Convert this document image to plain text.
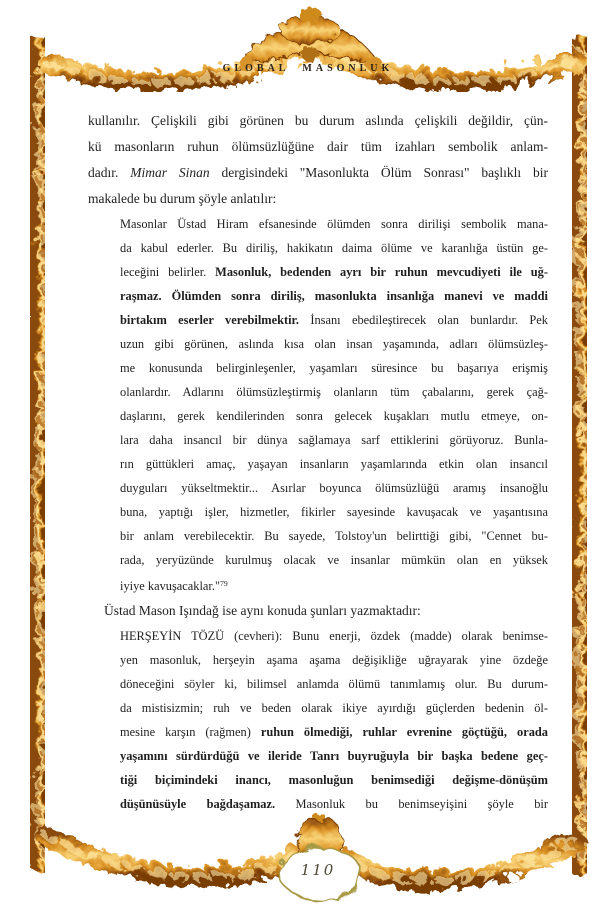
GLOBAL MASONLUK
kullanılır. Çelişkili gibi görünen bu durum aslında çelişkili değildir, çün-
kü masonların ruhun ölümsüzlüğüne dair tüm izahları sembolik anlam-
dadır. Mimar Sinan dergisindeki "Masonlukta Ölüm Sonrası" başlıklı bir
makalede bu durum şöyle anlatılır:
Masonlar Üstad Hiram efsanesinde ölümden sonra dirilişi sembolik mana-
da kabul ederler. Bu diriliş, hakikatın daima ölüme ve karanlığa üstün ge-
leceğini belirler. Masonluk, bedenden ayrı bir ruhun mevcudiyeti ile uğ-
raşmaz. Ölümden sonra diriliş, masonlukta insanlığa manevi ve maddi
birtakım eserler verebilmektir. İnsanı ebedileştirecek olan bunlardır. Pek
uzun gibi görünen, aslında kısa olan insan yaşamında, adları ölümsüzleş-
me konusunda belirginleşenler, yaşamları süresince bu başarıya erişmiş
olanlardır. Adlarını ölümsüzleştirmiş olanların tüm çabalarını, gerek çağ-
daşlarını, gerek kendilerinden sonra gelecek kuşakları mutlu etmeye, on-
lara daha insancıl bir dünya sağlamaya sarf ettiklerini görüyoruz. Bunla-
rın güttükleri amaç, yaşayan insanların yaşamlarında etkin olan insancıl
duyguları yükseltmektir... Asırlar boyunca ölümsüzlüğü aramış insanoğlu
buna, yaptığı işler, hizmetler, fikirler sayesinde kavuşacak ve yaşantısına
bir anlam verebilecektir. Bu sayede, Tolstoy'un belirttiği gibi, "Cennet bu-
rada, yeryüzünde kurulmuş olacak ve insanlar mümkün olan en yüksek
iyiye kavuşacaklar."$^{79}$
Üstad Mason Işındağ ise aynı konuda şunları yazmaktadır:
HERŞEYİN TÖZÜ (cevheri): Bunu enerji, özdek (madde) olarak benimse-
yen masonluk, herşeyin aşama aşama değişikliğe uğrayarak yine özdeğe
döneceğini söyler ki, bilimsel anlamda ölümü tanımlamış olur. Bu durum-
da mistisizmin; ruh ve beden olarak ikiye ayırdığı güçlerden bedenin öl-
mesine karşın (rağmen) ruhun ölmediği, ruhlar evrenine göçtüğü, orada
yaşamını sürdürdüğü ve ileride Tanrı buyruğuyla bir başka bedene geç-
tiği biçimindeki inancı, masonluğun benimsediği değişme-dönüşüm
düşünüsüyle bağdaşamaz. Masonluk bu benimseyişini şöyle bir
110
